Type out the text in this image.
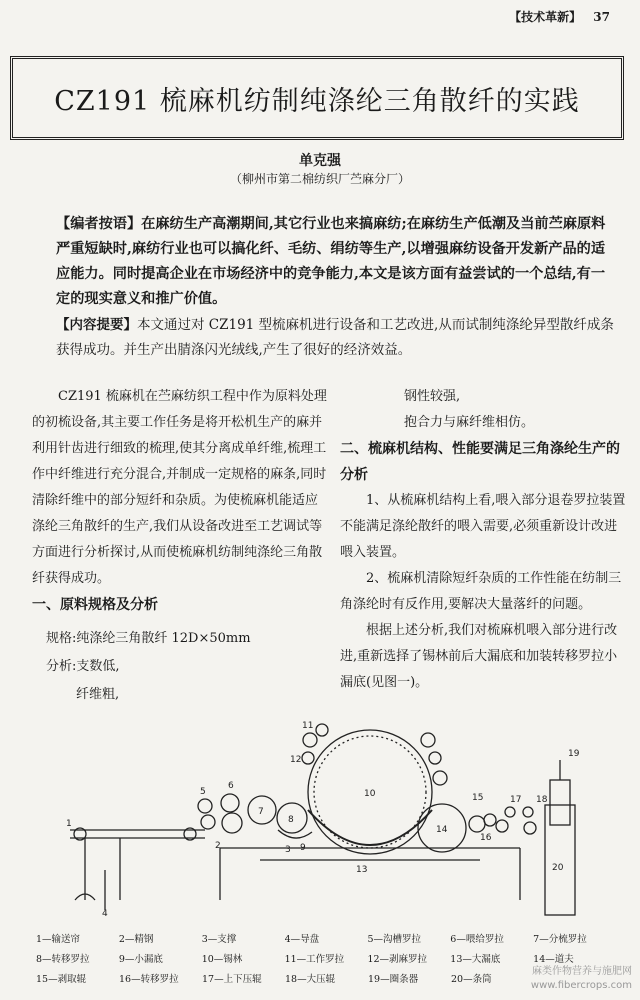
【技术革新】 37
CZ191 梳麻机纺制纯涤纶三角散纤的实践
单克强
（柳州市第二棉纺织厂苎麻分厂）
【编者按语】在麻纺生产高潮期间,其它行业也来搞麻纺;在麻纺生产低潮及当前苎麻原料严重短缺时,麻纺行业也可以搞化纤、毛纺、绢纺等生产,以增强麻纺设备开发新产品的适应能力。同时提高企业在市场经济中的竞争能力,本文是该方面有益尝试的一个总结,有一定的现实意义和推广价值。
【内容提要】本文通过对 CZ191 型梳麻机进行设备和工艺改进,从而试制纯涤纶异型散纤成条获得成功。并生产出腈涤闪光绒线,产生了很好的经济效益。
CZ191 梳麻机在苎麻纺织工程中作为原料处理的初梳设备,其主要工作任务是将开松机生产的麻并利用针齿进行细致的梳理,使其分离成单纤维,梳理工作中纤维进行充分混合,并制成一定规格的麻条,同时清除纤维中的部分短纤和杂质。为使梳麻机能适应涤纶三角散纤的生产,我们从设备改进至工艺调试等方面进行分析探讨,从而使梳麻机纺制纯涤纶三角散纤获得成功。
一、原料规格及分析
规格:纯涤纶三角散纤 12D×50mm
分析:支数低,
纤维粗,
钢性较强,
抱合力与麻纤维相仿。
二、梳麻机结构、性能要满足三角涤纶生产的分析
1、从梳麻机结构上看,喂入部分退卷罗拉装置不能满足涤纶散纤的喂入需要,必须重新设计改进喂入装置。
2、梳麻机清除短纤杂质的工作性能在纺制三角涤纶时有反作用,要解决大量落纤的问题。
根据上述分析,我们对梳麻机喂入部分进行改进,重新选择了锡林前后大漏底和加装转移罗拉小漏底(见图一)。
1
2	3
4
5
6
7
8
9
10
11
12
13
14
15
16
17 18
19
20
1—输送帘	2—精钢	3—支撑	4—导盘	5—沟槽罗拉	6—喂给罗拉	7—分梳罗拉
8—转移罗拉	9—小漏底	10—锡林	11—工作罗拉	12—剥麻罗拉	13—大漏底	14—道夫
15—剥取辊	16—转移罗拉	17—上下压辊	18—大压辊	19—圈条器	20—条筒
麻类作物营养与施肥网
www.fibercrops.com
